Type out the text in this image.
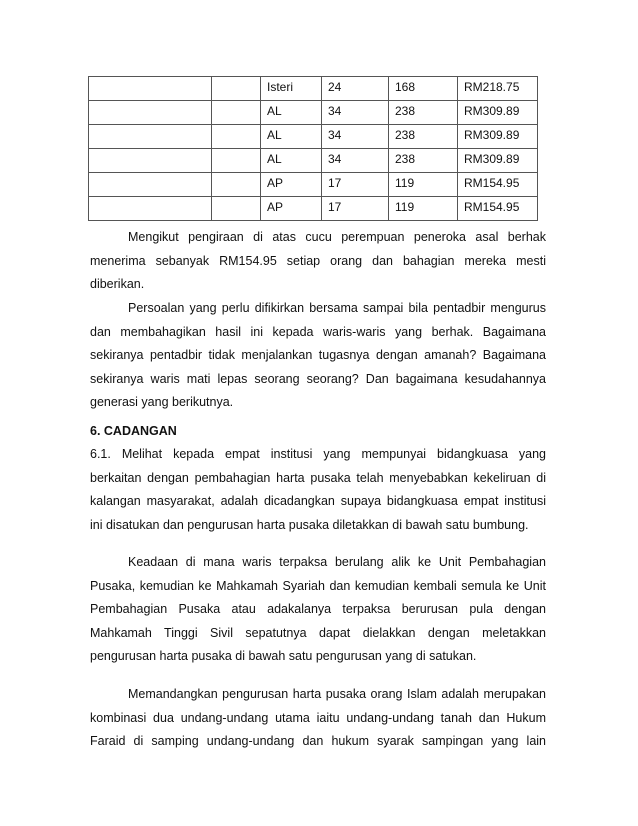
		Isteri	24	168	RM218.75
		AL	34	238	RM309.89
		AL	34	238	RM309.89
		AL	34	238	RM309.89
		AP	17	119	RM154.95
		AP	17	119	RM154.95
Mengikut pengiraan di atas cucu perempuan peneroka asal berhak
menerima sebanyak RM154.95 setiap orang dan bahagian mereka mesti
diberikan.
Persoalan yang perlu difikirkan bersama sampai bila pentadbir mengurus
dan membahagikan hasil ini kepada waris-waris yang berhak. Bagaimana
sekiranya pentadbir tidak menjalankan tugasnya dengan amanah? Bagaimana
sekiranya waris mati lepas seorang seorang? Dan bagaimana kesudahannya
generasi yang berikutnya.
6. CADANGAN
6.1. Melihat kepada empat institusi yang mempunyai bidangkuasa yang
berkaitan dengan pembahagian harta pusaka telah menyebabkan kekeliruan di
kalangan masyarakat, adalah dicadangkan supaya bidangkuasa empat institusi
ini disatukan dan pengurusan harta pusaka diletakkan di bawah satu bumbung.
Keadaan di mana waris terpaksa berulang alik ke Unit Pembahagian
Pusaka, kemudian ke Mahkamah Syariah dan kemudian kembali semula ke Unit
Pembahagian Pusaka atau adakalanya terpaksa berurusan pula dengan
Mahkamah Tinggi Sivil sepatutnya dapat dielakkan dengan meletakkan
pengurusan harta pusaka di bawah satu pengurusan yang di satukan.
Memandangkan pengurusan harta pusaka orang Islam adalah merupakan
kombinasi dua undang-undang utama iaitu undang-undang tanah dan Hukum
Faraid di samping undang-undang dan hukum syarak sampingan yang lain
